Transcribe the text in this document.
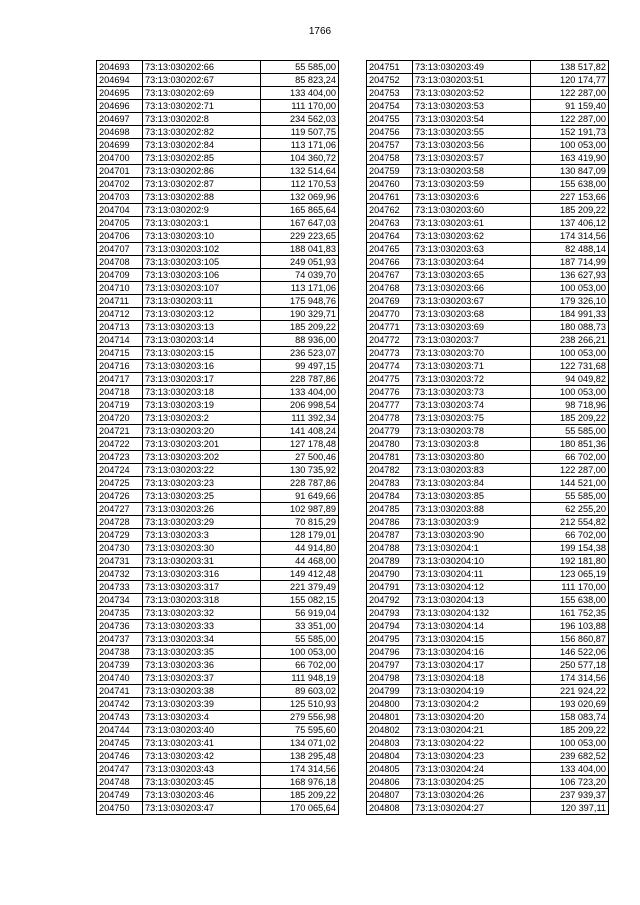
1766
204693	73:13:030202:66	55 585,00
204694	73:13:030202:67	85 823,24
204695	73:13:030202:69	133 404,00
204696	73:13:030202:71	111 170,00
204697	73:13:030202:8	234 562,03
204698	73:13:030202:82	119 507,75
204699	73:13:030202:84	113 171,06
204700	73:13:030202:85	104 360,72
204701	73:13:030202:86	132 514,64
204702	73:13:030202:87	112 170,53
204703	73:13:030202:88	132 069,96
204704	73:13:030202:9	165 865,64
204705	73:13:030203:1	167 647,03
204706	73:13:030203:10	229 223,65
204707	73:13:030203:102	188 041,83
204708	73:13:030203:105	249 051,93
204709	73:13:030203:106	74 039,70
204710	73:13:030203:107	113 171,06
204711	73:13:030203:11	175 948,76
204712	73:13:030203:12	190 329,71
204713	73:13:030203:13	185 209,22
204714	73:13:030203:14	88 936,00
204715	73:13:030203:15	236 523,07
204716	73:13:030203:16	99 497,15
204717	73:13:030203:17	228 787,86
204718	73:13:030203:18	133 404,00
204719	73:13:030203:19	206 998,54
204720	73:13:030203:2	111 392,34
204721	73:13:030203:20	141 408,24
204722	73:13:030203:201	127 178,48
204723	73:13:030203:202	27 500,46
204724	73:13:030203:22	130 735,92
204725	73:13:030203:23	228 787,86
204726	73:13:030203:25	91 649,66
204727	73:13:030203:26	102 987,89
204728	73:13:030203:29	70 815,29
204729	73:13:030203:3	128 179,01
204730	73:13:030203:30	44 914,80
204731	73:13:030203:31	44 468,00
204732	73:13:030203:316	149 412,48
204733	73:13:030203:317	221 379,49
204734	73:13:030203:318	155 082,15
204735	73:13:030203:32	56 919,04
204736	73:13:030203:33	33 351,00
204737	73:13:030203:34	55 585,00
204738	73:13:030203:35	100 053,00
204739	73:13:030203:36	66 702,00
204740	73:13:030203:37	111 948,19
204741	73:13:030203:38	89 603,02
204742	73:13:030203:39	125 510,93
204743	73:13:030203:4	279 556,98
204744	73:13:030203:40	75 595,60
204745	73:13:030203:41	134 071,02
204746	73:13:030203:42	138 295,48
204747	73:13:030203:43	174 314,56
204748	73:13:030203:45	168 976,18
204749	73:13:030203:46	185 209,22
204750	73:13:030203:47	170 065,64
204751	73:13:030203:49	138 517,82
204752	73:13:030203:51	120 174,77
204753	73:13:030203:52	122 287,00
204754	73:13:030203:53	91 159,40
204755	73:13:030203:54	122 287,00
204756	73:13:030203:55	152 191,73
204757	73:13:030203:56	100 053,00
204758	73:13:030203:57	163 419,90
204759	73:13:030203:58	130 847,09
204760	73:13:030203:59	155 638,00
204761	73:13:030203:6	227 153,66
204762	73:13:030203:60	185 209,22
204763	73:13:030203:61	137 406,12
204764	73:13:030203:62	174 314,56
204765	73:13:030203:63	82 488,14
204766	73:13:030203:64	187 714,99
204767	73:13:030203:65	136 627,93
204768	73:13:030203:66	100 053,00
204769	73:13:030203:67	179 326,10
204770	73:13:030203:68	184 991,33
204771	73:13:030203:69	180 088,73
204772	73:13:030203:7	238 266,21
204773	73:13:030203:70	100 053,00
204774	73:13:030203:71	122 731,68
204775	73:13:030203:72	94 049,82
204776	73:13:030203:73	100 053,00
204777	73:13:030203:74	98 718,96
204778	73:13:030203:75	185 209,22
204779	73:13:030203:78	55 585,00
204780	73:13:030203:8	180 851,36
204781	73:13:030203:80	66 702,00
204782	73:13:030203:83	122 287,00
204783	73:13:030203:84	144 521,00
204784	73:13:030203:85	55 585,00
204785	73:13:030203:88	62 255,20
204786	73:13:030203:9	212 554,82
204787	73:13:030203:90	66 702,00
204788	73:13:030204:1	199 154,38
204789	73:13:030204:10	192 181,80
204790	73:13:030204:11	123 065,19
204791	73:13:030204:12	111 170,00
204792	73:13:030204:13	155 638,00
204793	73:13:030204:132	161 752,35
204794	73:13:030204:14	196 103,88
204795	73:13:030204:15	156 860,87
204796	73:13:030204:16	146 522,06
204797	73:13:030204:17	250 577,18
204798	73:13:030204:18	174 314,56
204799	73:13:030204:19	221 924,22
204800	73:13:030204:2	193 020,69
204801	73:13:030204:20	158 083,74
204802	73:13:030204:21	185 209,22
204803	73:13:030204:22	100 053,00
204804	73:13:030204:23	239 682,52
204805	73:13:030204:24	133 404,00
204806	73:13:030204:25	106 723,20
204807	73:13:030204:26	237 939,37
204808	73:13:030204:27	120 397,11
